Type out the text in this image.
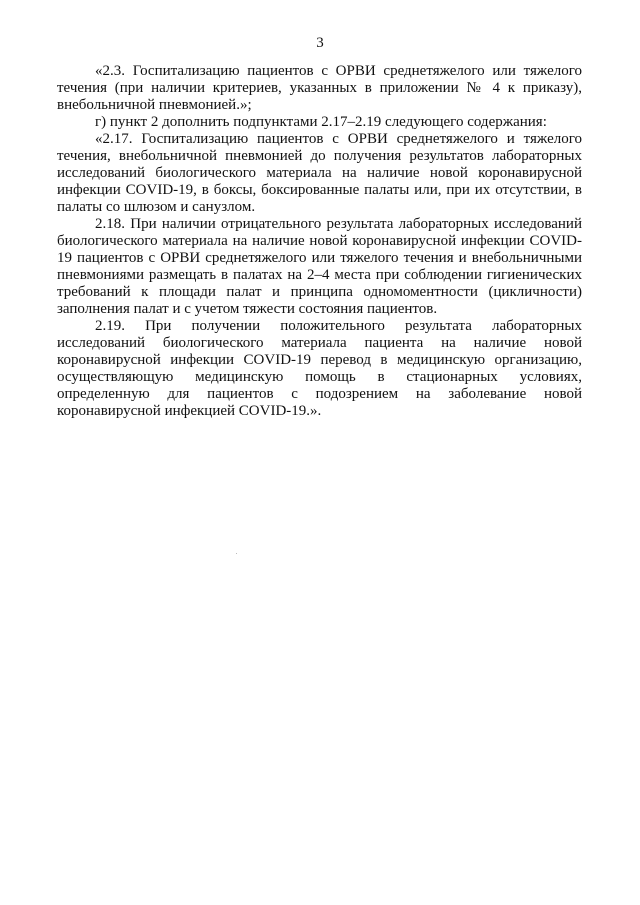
3

«2.3. Госпитализацию пациентов с ОРВИ среднетяжелого или тяжелого течения (при наличии критериев, указанных в приложении № 4 к приказу), внебольничной пневмонией.»;

г) пункт 2 дополнить подпунктами 2.17–2.19 следующего содержания:

«2.17. Госпитализацию пациентов с ОРВИ среднетяжелого и тяжелого течения, внебольничной пневмонией до получения результатов лабораторных исследований биологического материала на наличие новой коронавирусной инфекции COVID-19, в боксы, боксированные палаты или, при их отсутствии, в палаты со шлюзом и санузлом.

2.18. При наличии отрицательного результата лабораторных исследований биологического материала на наличие новой коронавирусной инфекции COVID-19 пациентов с ОРВИ среднетяжелого или тяжелого течения и внебольничными пневмониями размещать в палатах на 2–4 места при соблюдении гигиенических требований к площади палат и принципа одномоментности (цикличности) заполнения палат и с учетом тяжести состояния пациентов.

2.19. При получении положительного результата лабораторных исследований биологического материала пациента на наличие новой коронавирусной инфекции COVID-19 перевод в медицинскую организацию, осуществляющую медицинскую помощь в стационарных условиях, определенную для пациентов с подозрением на заболевание новой коронавирусной инфекцией COVID-19.».
